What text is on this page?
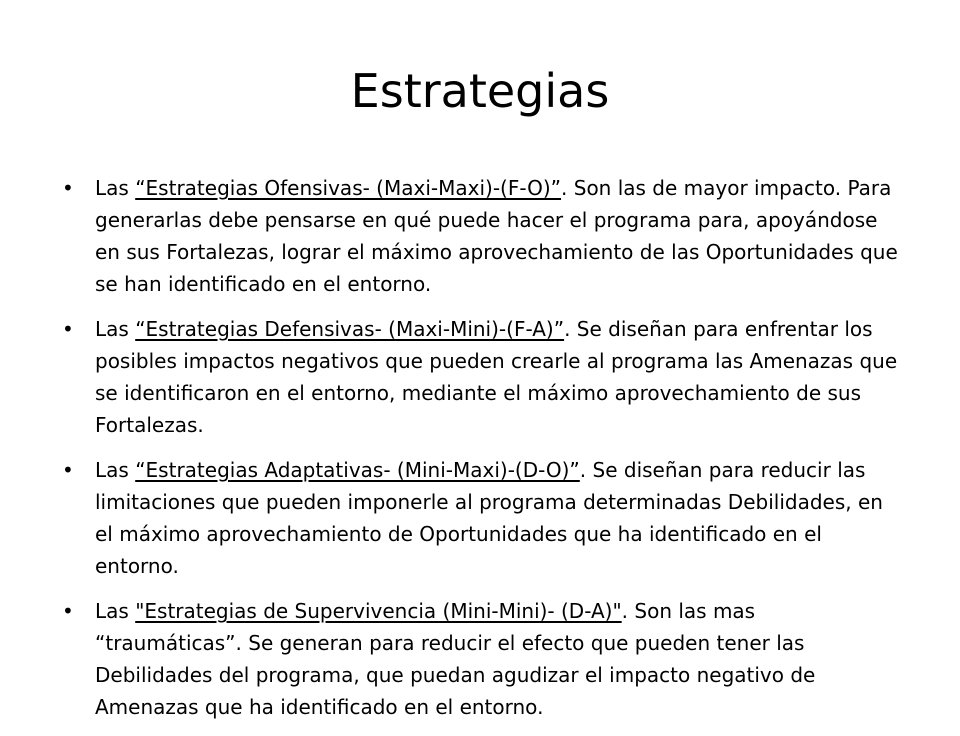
Estrategias
•	Las “Estrategias Ofensivas- (Maxi-Maxi)-(F-O)”. Son las de mayor impacto. Para generarlas debe pensarse en qué puede hacer el programa para, apoyándose en sus Fortalezas, lograr el máximo aprovechamiento de las Oportunidades que se han identificado en el entorno.
•	Las “Estrategias Defensivas- (Maxi-Mini)-(F-A)”. Se diseñan para enfrentar los posibles impactos negativos que pueden crearle al programa las Amenazas que se identificaron en el entorno, mediante el máximo aprovechamiento de sus Fortalezas.
•	Las “Estrategias Adaptativas- (Mini-Maxi)-(D-O)”. Se diseñan para reducir las limitaciones que pueden imponerle al programa determinadas Debilidades, en el máximo aprovechamiento de Oportunidades que ha identificado en el entorno.
•	Las "Estrategias de Supervivencia (Mini-Mini)- (D-A)". Son las mas “traumáticas”. Se generan para reducir el efecto que pueden tener las Debilidades del programa, que puedan agudizar el impacto negativo de Amenazas que ha identificado en el entorno.
